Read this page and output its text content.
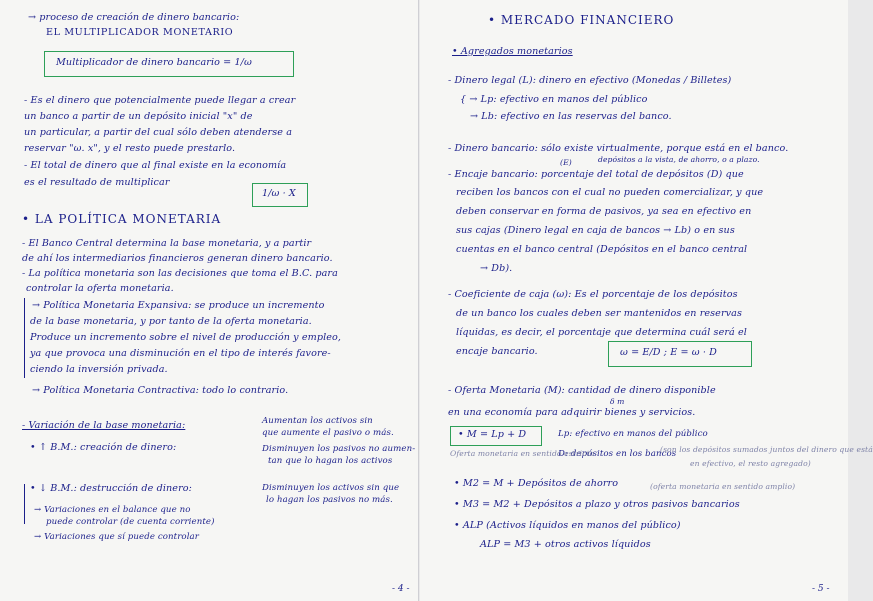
→ proceso de creación de dinero bancario:
EL MULTIPLICADOR MONETARIO
Multiplicador de dinero bancario = 1/ω
- Es el dinero que potencialmente puede llegar a crear
un banco a partir de un depósito inicial "x" de
un particular, a partir del cual sólo deben atenderse a
reservar "ω. x", y el resto puede prestarlo.
- El total de dinero que al final existe en la economía
es el resultado de multiplicar
1/ω · X
• LA POLÍTICA MONETARIA
- El Banco Central determina la base monetaria, y a partir
de ahí los intermediarios financieros generan dinero bancario.
- La política monetaria son las decisiones que toma el B.C. para
controlar la oferta monetaria.
→ Política Monetaria Expansiva: se produce un incremento
de la base monetaria, y por tanto de la oferta monetaria.
Produce un incremento sobre el nivel de producción y empleo,
ya que provoca una disminución en el tipo de interés favore-
ciendo la inversión privada.
→ Política Monetaria Contractiva: todo lo contrario.
- Variación de la base monetaria:
• ↑ B.M.: creación de dinero:
• ↓ B.M.: destrucción de dinero:
→ Variaciones en el balance que no
puede controlar (de cuenta corriente)
→ Variaciones que sí puede controlar
Aumentan los activos sin
que aumente el pasivo o más.
Disminuyen los pasivos no aumen-
tan que lo hagan los activos
Disminuyen los activos sin que
lo hagan los pasivos no más.
- 4 -
• MERCADO FINANCIERO
• Agregados monetarios
- Dinero legal (L): dinero en efectivo (Monedas / Billetes)
{ → Lp: efectivo en manos del público
→ Lb: efectivo en las reservas del banco.
- Dinero bancario: sólo existe virtualmente, porque está en el banco.
depósitos a la vista, de ahorro, o a plazo.
(E)
- Encaje bancario: porcentaje del total de depósitos (D) que
reciben los bancos con el cual no pueden comercializar, y que
deben conservar en forma de pasivos, ya sea en efectivo en
sus cajas (Dinero legal en caja de bancos → Lb) o en sus
cuentas en el banco central (Depósitos en el banco central
→ Db).
- Coeficiente de caja (ω): Es el porcentaje de los depósitos
de un banco los cuales deben ser mantenidos en reservas
líquidas, es decir, el porcentaje que determina cuál será el
encaje bancario.	ω = E/D ; E = ω · D
- Oferta Monetaria (M): cantidad de dinero disponible
δ m
en una economía para adquirir bienes y servicios.
• M = Lp + D	Lp: efectivo en manos del público
D: depósitos en los bancos
Oferta monetaria en sentido estricto	(son los depósitos sumados juntos del dinero que está
en efectivo, el resto agregado)
• M2 = M + Depósitos de ahorro
• M3 = M2 + Depósitos a plazo y otros pasivos bancarios
• ALP (Activos líquidos en manos del público)
ALP = M3 + otros activos líquidos
(oferta monetaria en sentido amplio)
- 5 -
